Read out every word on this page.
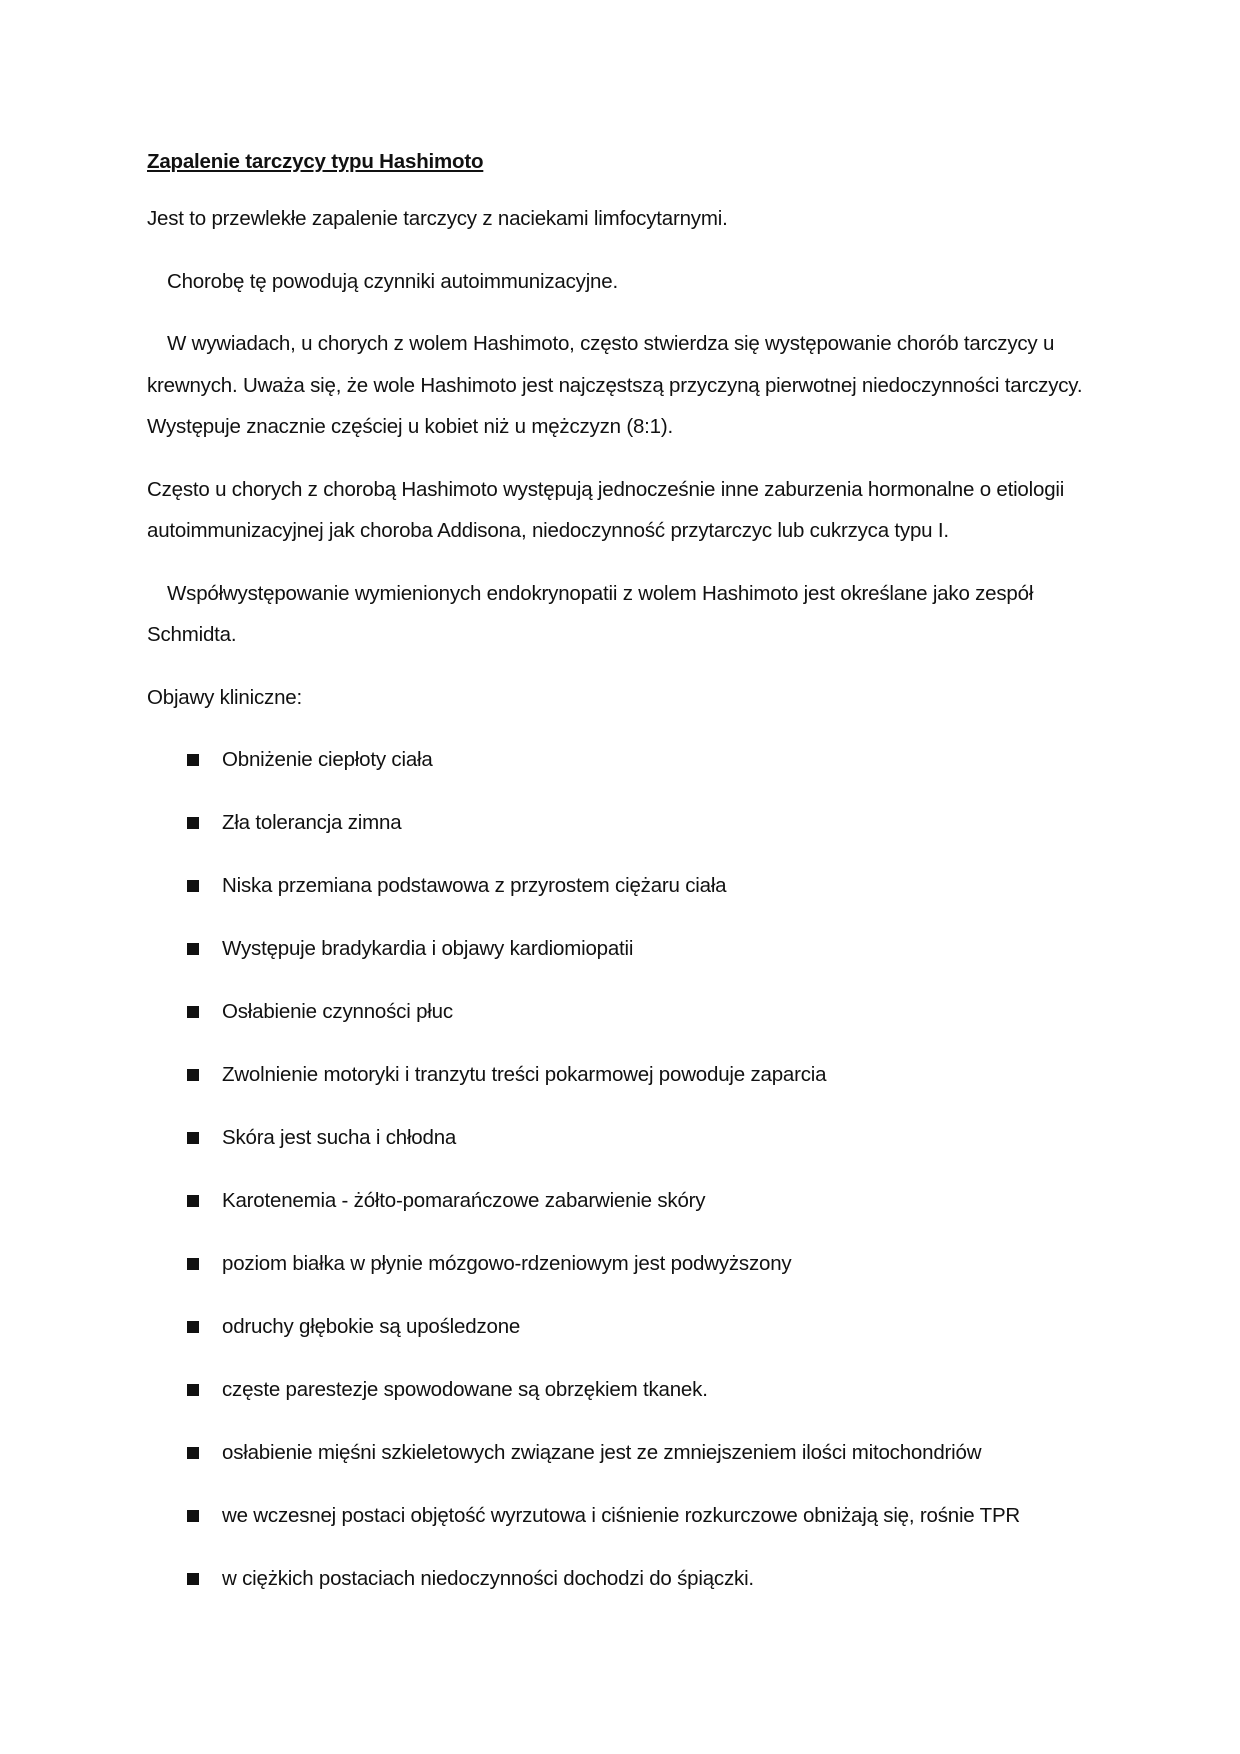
Zapalenie tarczycy typu Hashimoto

Jest to przewlekłe zapalenie tarczycy z naciekami limfocytarnymi.

Chorobę tę powodują czynniki autoimmunizacyjne.

W wywiadach, u chorych z wolem Hashimoto, często stwierdza się występowanie chorób tarczycy u krewnych. Uważa się, że wole Hashimoto jest najczęstszą przyczyną pierwotnej niedoczynności tarczycy. Występuje znacznie częściej u kobiet niż u mężczyzn (8:1).

Często u chorych z chorobą Hashimoto występują jednocześnie inne zaburzenia hormonalne o etiologii autoimmunizacyjnej jak choroba Addisona, niedoczynność przytarczyc lub cukrzyca typu I.

Współwystępowanie wymienionych endokrynopatii z wolem Hashimoto jest określane jako zespół Schmidta.

Objawy kliniczne:

Obniżenie ciepłoty ciała
Zła tolerancja zimna
Niska przemiana podstawowa z przyrostem ciężaru ciała
Występuje bradykardia i objawy kardiomiopatii
Osłabienie czynności płuc
Zwolnienie motoryki i tranzytu treści pokarmowej powoduje zaparcia
Skóra jest sucha i chłodna
Karotenemia - żółto-pomarańczowe zabarwienie skóry
poziom białka w płynie mózgowo-rdzeniowym jest podwyższony
odruchy głębokie są upośledzone
częste parestezje spowodowane są obrzękiem tkanek.
osłabienie mięśni szkieletowych związane jest ze zmniejszeniem ilości mitochondriów
we wczesnej postaci objętość wyrzutowa i ciśnienie rozkurczowe obniżają się, rośnie TPR
w ciężkich postaciach niedoczynności dochodzi do śpiączki.
